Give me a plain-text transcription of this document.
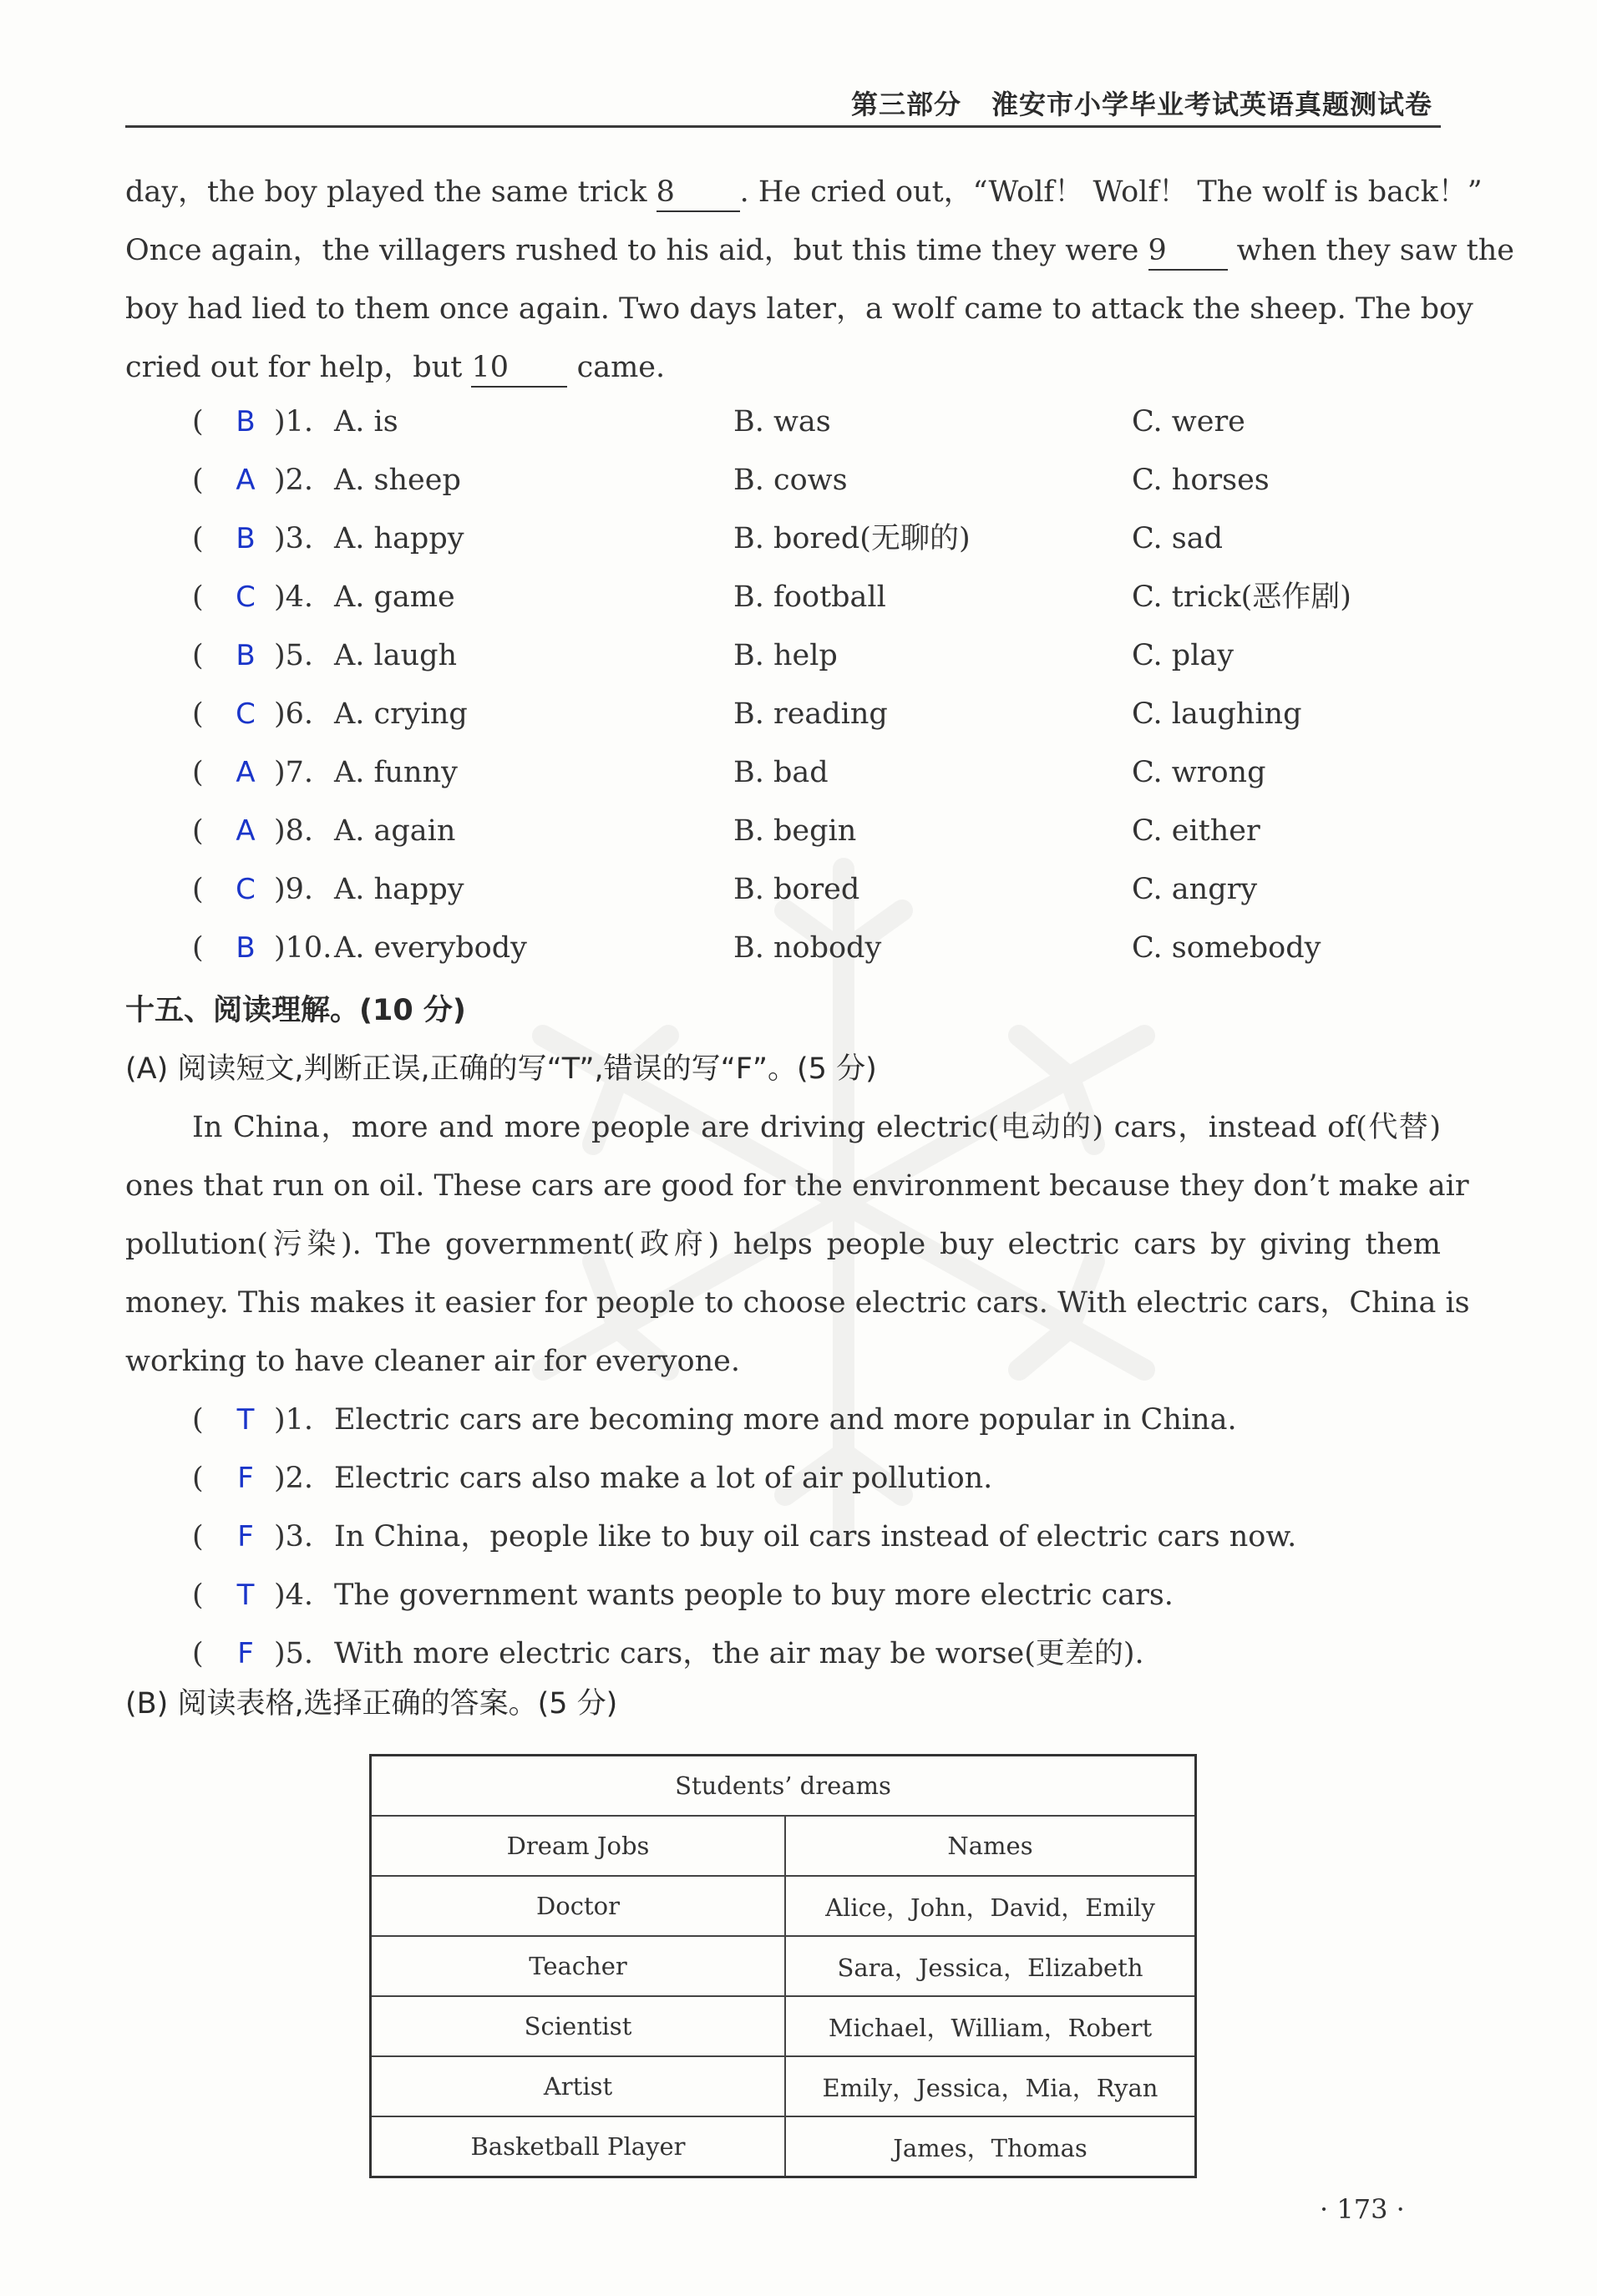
第三部分 淮安市小学毕业考试英语真题测试卷
day，the boy played the same trick 8 . He cried out，“Wolf！ Wolf！ The wolf is back！”
Once again，the villagers rushed to his aid，but this time they were 9 when they saw the
boy had lied to them once again. Two days later，a wolf came to attack the sheep. The boy
cried out for help，but 10 came.
(	B )1. A. is	B. was	C. were
(	A )2. A. sheep	B. cows	C. horses
(	B )3. A. happy	B. bored(无聊的)	C. sad
(	C )4. A. game	B. football	C. trick(恶作剧)
(	B )5. A. laugh	B. help	C. play
(	C )6. A. crying	B. reading	C. laughing
(	A )7. A. funny	B. bad	C. wrong
(	A )8. A. again	B. begin	C. either
(	C )9. A. happy	B. bored	C. angry
(	B )10. A. everybody	B. nobody	C. somebody
十五、阅读理解。(10 分)
(A) 阅读短文,判断正误,正确的写“T”,错误的写“F”。(5 分)
In China，more and more people are driving electric(电动的) cars，instead of(代替)
ones that run on oil. These cars are good for the environment because they don’t make air
pollution(污染). The government(政府) helps people buy electric cars by giving them
money. This makes it easier for people to choose electric cars. With electric cars，China is
working to have cleaner air for everyone.
(	T )1. Electric cars are becoming more and more popular in China.
(	F )2. Electric cars also make a lot of air pollution.
(	F )3. In China，people like to buy oil cars instead of electric cars now.
(	T )4. The government wants people to buy more electric cars.
(	F )5. With more electric cars，the air may be worse(更差的).
(B) 阅读表格,选择正确的答案。(5 分)
Students’ dreams	
Dream Jobs	Names
Doctor	Alice，John，David，Emily
Teacher	Sara，Jessica，Elizabeth
Scientist	Michael，William，Robert
Artist	Emily，Jessica，Mia，Ryan
Basketball Player	James，Thomas
· 173 ·
